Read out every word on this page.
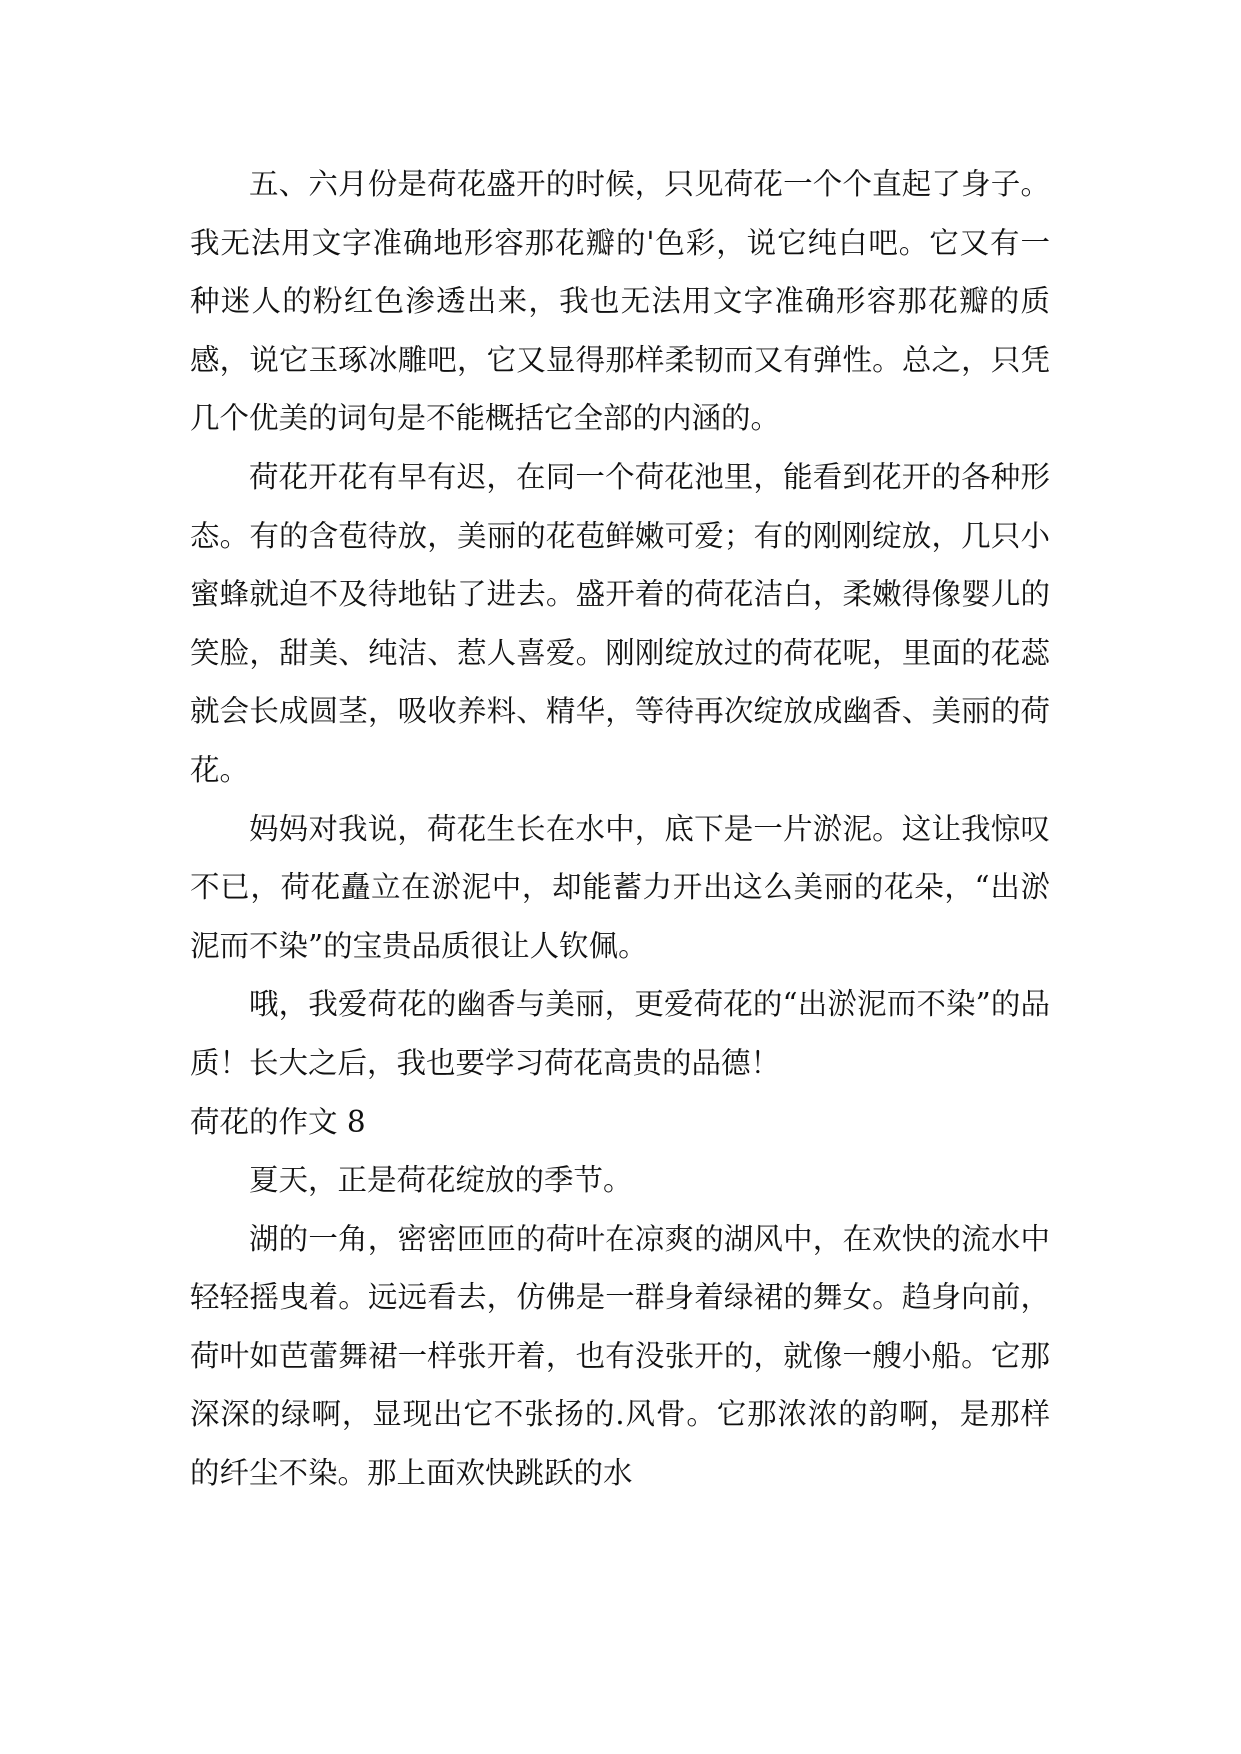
五、六月份是荷花盛开的时候，只见荷花一个个直起了身子。我无法用文字准确地形容那花瓣的'色彩，说它纯白吧。它又有一种迷人的粉红色渗透出来，我也无法用文字准确形容那花瓣的质感，说它玉琢冰雕吧，它又显得那样柔韧而又有弹性。总之，只凭几个优美的词句是不能概括它全部的内涵的。

荷花开花有早有迟，在同一个荷花池里，能看到花开的各种形态。有的含苞待放，美丽的花苞鲜嫩可爱；有的刚刚绽放，几只小蜜蜂就迫不及待地钻了进去。盛开着的荷花洁白，柔嫩得像婴儿的笑脸，甜美、纯洁、惹人喜爱。刚刚绽放过的荷花呢，里面的花蕊就会长成圆茎，吸收养料、精华，等待再次绽放成幽香、美丽的荷花。

妈妈对我说，荷花生长在水中，底下是一片淤泥。这让我惊叹不已，荷花矗立在淤泥中，却能蓄力开出这么美丽的花朵，“出淤泥而不染”的宝贵品质很让人钦佩。

哦，我爱荷花的幽香与美丽，更爱荷花的“出淤泥而不染”的品质！长大之后，我也要学习荷花高贵的品德！

荷花的作文 8

夏天，正是荷花绽放的季节。

湖的一角，密密匝匝的荷叶在凉爽的湖风中，在欢快的流水中轻轻摇曳着。远远看去，仿佛是一群身着绿裙的舞女。趋身向前，荷叶如芭蕾舞裙一样张开着，也有没张开的，就像一艘小船。它那深深的绿啊，显现出它不张扬的.风骨。它那浓浓的韵啊，是那样的纤尘不染。那上面欢快跳跃的水
